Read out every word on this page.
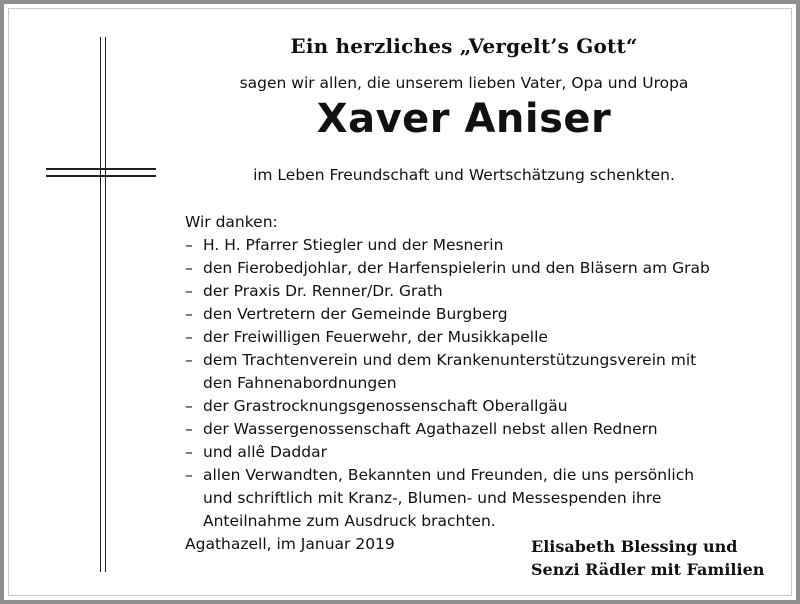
Ein herzliches „Vergelt’s Gott“
sagen wir allen, die unserem lieben Vater, Opa und Uropa
Xaver Aniser
im Leben Freundschaft und Wertschätzung schenkten.
Wir danken:
– H. H. Pfarrer Stiegler und der Mesnerin
– den Fierobedjohlar, der Harfenspielerin und den Bläsern am Grab
– der Praxis Dr. Renner/Dr. Grath
– den Vertretern der Gemeinde Burgberg
– der Freiwilligen Feuerwehr, der Musikkapelle
– dem Trachtenverein und dem Krankenunterstützungsverein mit
den Fahnenabordnungen
– der Grastrocknungsgenossenschaft Oberallgäu
– der Wassergenossenschaft Agathazell nebst allen Rednern
– und allê Daddar
– allen Verwandten, Bekannten und Freunden, die uns persönlich
und schriftlich mit Kranz-, Blumen- und Messespenden ihre
Anteilnahme zum Ausdruck brachten.
Agathazell, im Januar 2019	Elisabeth Blessing und
Senzi Rädler mit Familien
